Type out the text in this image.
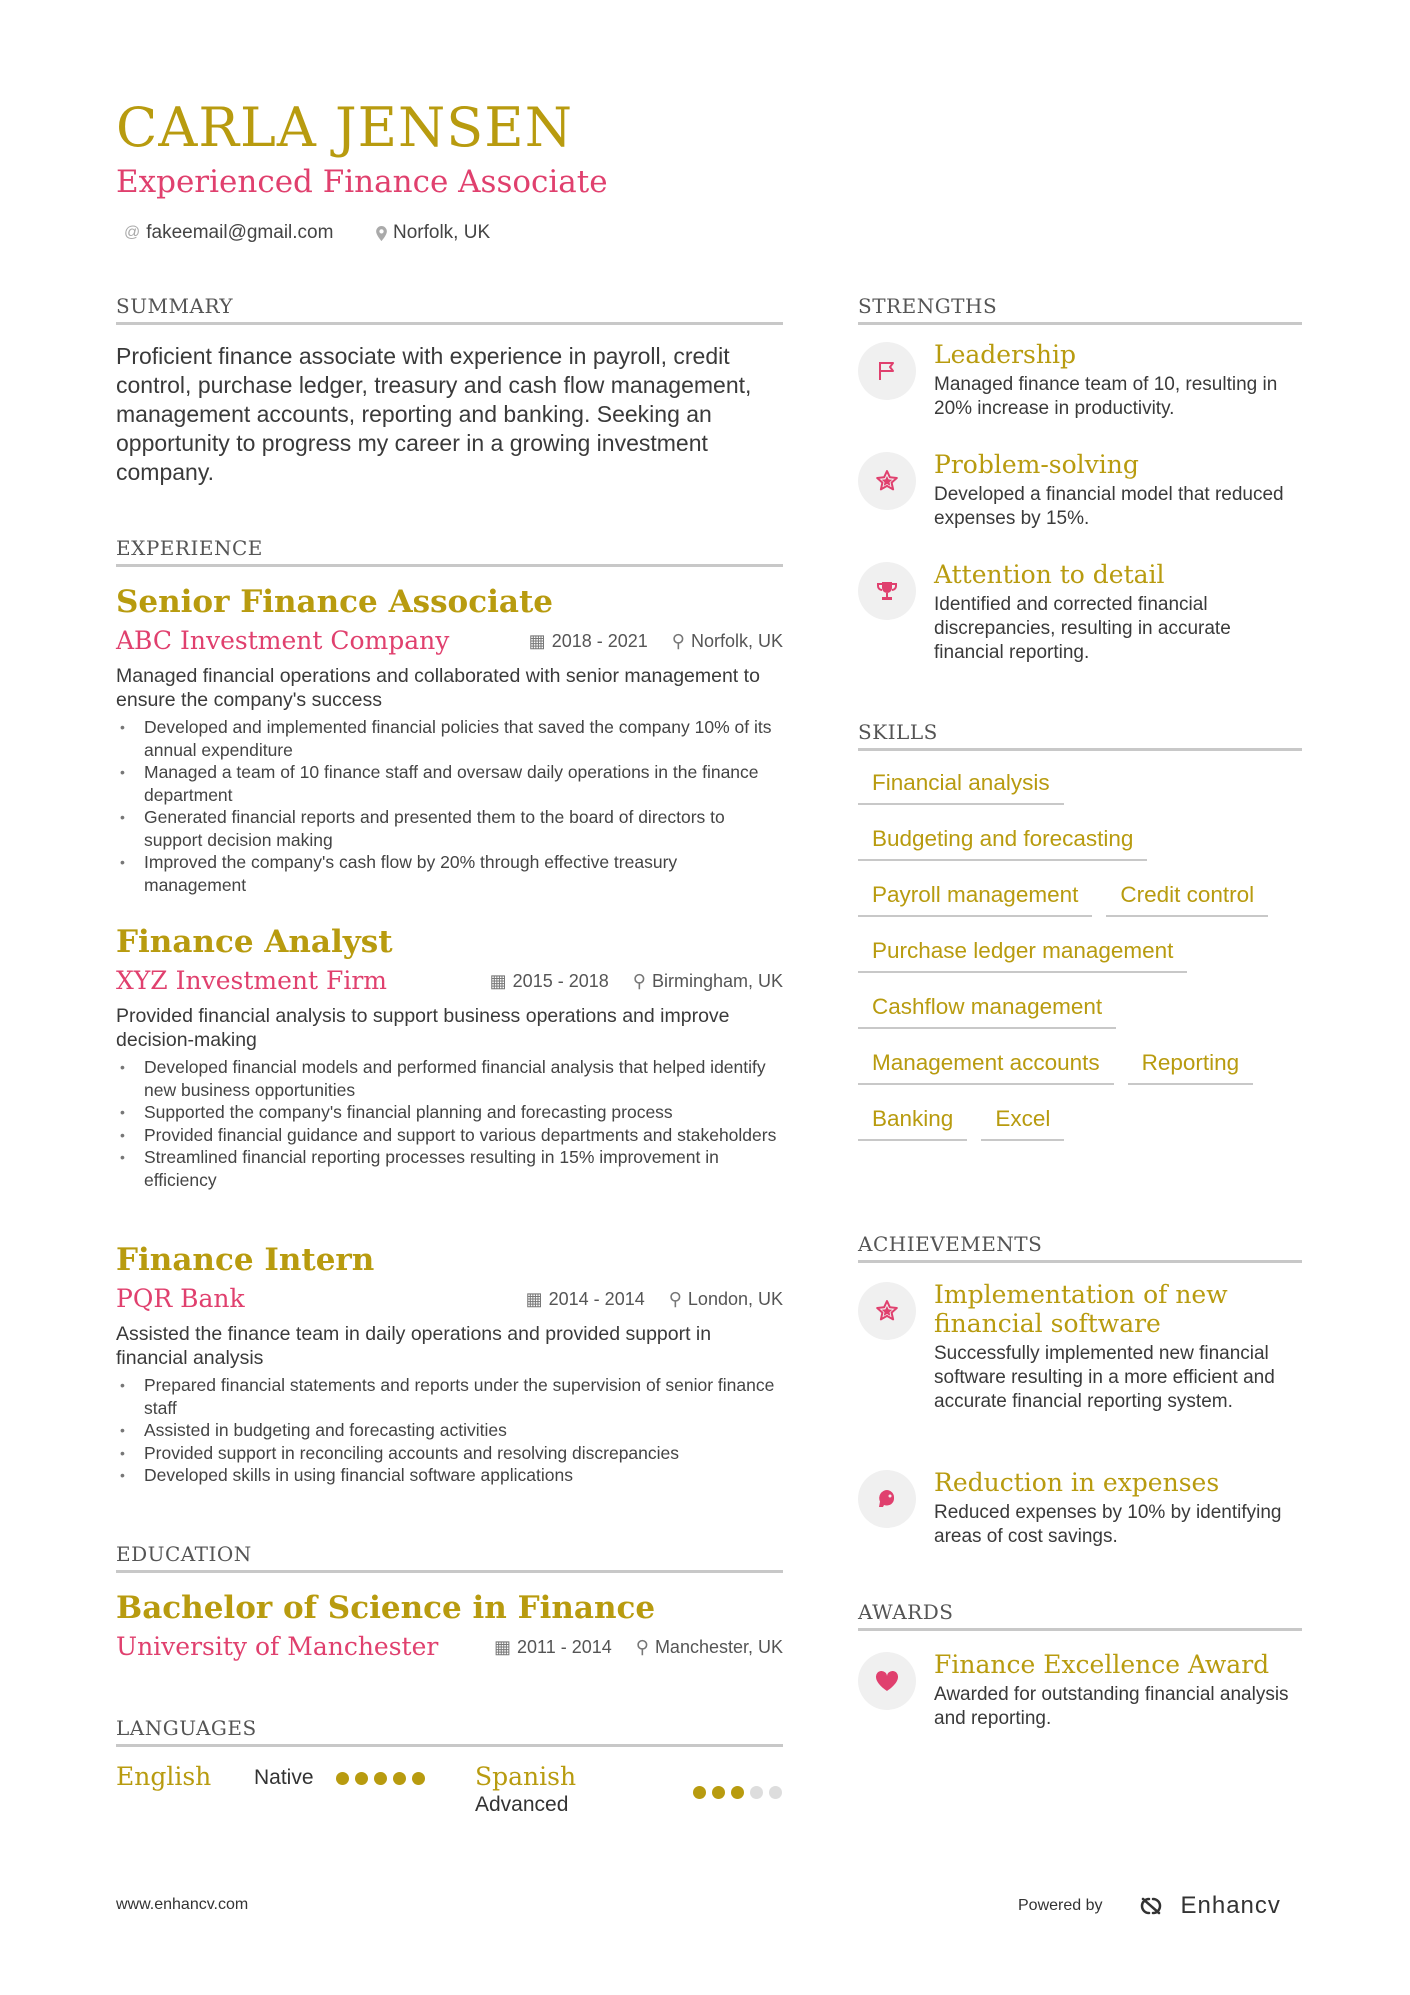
CARLA JENSEN

Experienced Finance Associate

@ fakeemail@gmail.com	Norfolk, UK
SUMMARY

Proficient finance associate with experience in payroll, credit control, purchase ledger, treasury and cash flow management, management accounts, reporting and banking. Seeking an opportunity to progress my career in a growing investment company.

EXPERIENCE
Senior Finance Associate
ABC Investment Company	▦ 2018 - 2021 ⚲ Norfolk, UK

Managed financial operations and collaborated with senior management to ensure the company's success

• Developed and implemented financial policies that saved the company 10% of its annual expenditure
• Managed a team of 10 finance staff and oversaw daily operations in the finance department
• Generated financial reports and presented them to the board of directors to support decision making
• Improved the company's cash flow by 20% through effective treasury management
Finance Analyst
XYZ Investment Firm	▦ 2015 - 2018 ⚲ Birmingham, UK

Provided financial analysis to support business operations and improve decision-making

• Developed financial models and performed financial analysis that helped identify new business opportunities
• Supported the company's financial planning and forecasting process
• Provided financial guidance and support to various departments and stakeholders
• Streamlined financial reporting processes resulting in 15% improvement in efficiency
Finance Intern
PQR Bank	▦ 2014 - 2014 ⚲ London, UK

Assisted the finance team in daily operations and provided support in financial analysis

• Prepared financial statements and reports under the supervision of senior finance staff
• Assisted in budgeting and forecasting activities
• Provided support in reconciling accounts and resolving discrepancies
• Developed skills in using financial software applications
EDUCATION
Bachelor of Science in Finance
University of Manchester	▦ 2011 - 2014 ⚲ Manchester, UK
LANGUAGES
English Native	Spanish
Advanced
STRENGTHS
Leadership
Managed finance team of 10, resulting in 20% increase in productivity.
Problem-solving
Developed a financial model that reduced expenses by 15%.
Attention to detail
Identified and corrected financial discrepancies, resulting in accurate financial reporting.
SKILLS
Financial analysis
Budgeting and forecasting
Payroll management	Credit control
Purchase ledger management
Cashflow management
Management accounts	Reporting
Banking	Excel
ACHIEVEMENTS
Implementation of new financial software
Successfully implemented new financial software resulting in a more efficient and accurate financial reporting system.
Reduction in expenses
Reduced expenses by 10% by identifying areas of cost savings.
AWARDS
Finance Excellence Award
Awarded for outstanding financial analysis and reporting.
www.enhancv.com	Powered by	Enhancv
